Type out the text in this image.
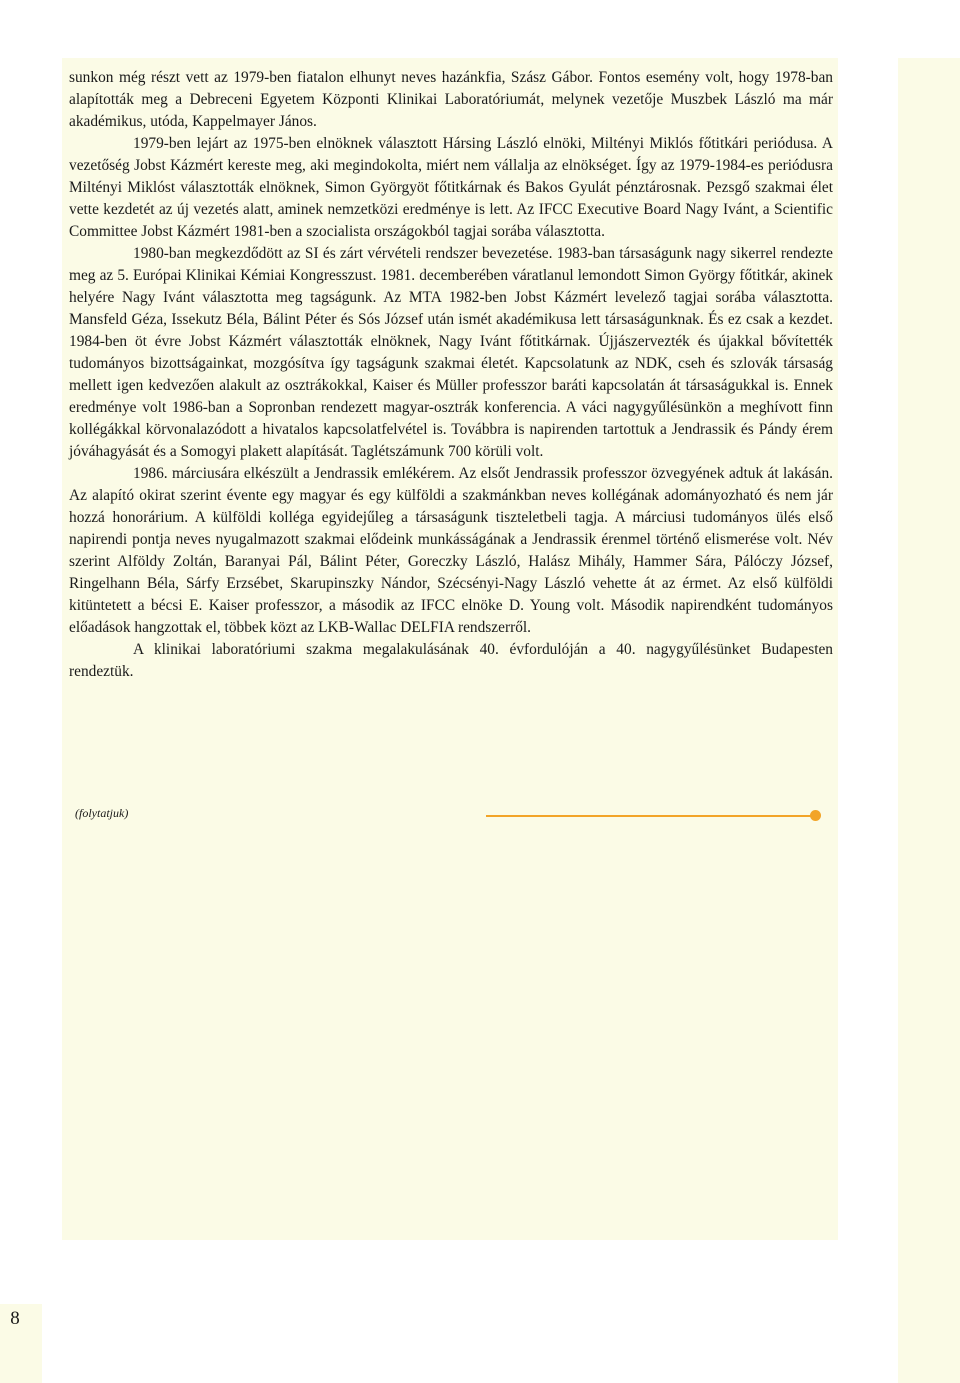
8

sunkon még részt vett az 1979-ben fiatalon elhunyt neves hazánkfia, Szász Gábor. Fontos esemény volt, hogy 1978-ban alapították meg a Debreceni Egyetem Központi Klinikai Laboratóriumát, melynek vezetője Muszbek László ma már akadémikus, utóda, Kappelmayer János.

1979-ben lejárt az 1975-ben elnöknek választott Hársing László elnöki, Miltényi Miklós főtitkári periódusa. A vezetőség Jobst Kázmért kereste meg, aki megindokolta, miért nem vállalja az elnökséget. Így az 1979-1984-es periódusra Miltényi Miklóst választották elnöknek, Simon Györgyöt főtitkárnak és Bakos Gyulát pénztárosnak. Pezsgő szakmai élet vette kezdetét az új vezetés alatt, aminek nemzetközi eredménye is lett. Az IFCC Executive Board Nagy Ivánt, a Scientific Committee Jobst Kázmért 1981-ben a szocialista országokból tagjai sorába választotta.

1980-ban megkezdődött az SI és zárt vérvételi rendszer bevezetése. 1983-ban társaságunk nagy sikerrel rendezte meg az 5. Európai Klinikai Kémiai Kongresszust. 1981. decemberében váratlanul lemondott Simon György főtitkár, akinek helyére Nagy Ivánt választotta meg tagságunk. Az MTA 1982-ben Jobst Kázmért levelező tagjai sorába választotta. Mansfeld Géza, Issekutz Béla, Bálint Péter és Sós József után ismét akadémikusa lett társaságunknak. És ez csak a kezdet. 1984-ben öt évre Jobst Kázmért választották elnöknek, Nagy Ivánt főtitkárnak. Újjászervezték és újakkal bővítették tudományos bizottságainkat, mozgósítva így tagságunk szakmai életét. Kapcsolatunk az NDK, cseh és szlovák társaság mellett igen kedvezően alakult az osztrákokkal, Kaiser és Müller professzor baráti kapcsolatán át társaságukkal is. Ennek eredménye volt 1986-ban a Sopronban rendezett magyar-osztrák konferencia. A váci nagygyűlésünkön a meghívott finn kollégákkal körvonalazódott a hivatalos kapcsolatfelvétel is. Továbbra is napirenden tartottuk a Jendrassik és Pándy érem jóváhagyását és a Somogyi plakett alapítását. Taglétszámunk 700 körüli volt.

1986. márciusára elkészült a Jendrassik emlékérem. Az elsőt Jendrassik professzor özvegyének adtuk át lakásán. Az alapító okirat szerint évente egy magyar és egy külföldi a szakmánkban neves kollégának adományozható és nem jár hozzá honorárium. A külföldi kolléga egyidejűleg a társaságunk tiszteletbeli tagja. A márciusi tudományos ülés első napirendi pontja neves nyugalmazott szakmai elődeink munkásságának a Jendrassik érenmel történő elismerése volt. Név szerint Alföldy Zoltán, Baranyai Pál, Bálint Péter, Goreczky László, Halász Mihály, Hammer Sára, Pálóczy József, Ringelhann Béla, Sárfy Erzsébet, Skarupinszky Nándor, Szécsényi-Nagy László vehette át az érmet. Az első külföldi kitüntetett a bécsi E. Kaiser professzor, a második az IFCC elnöke D. Young volt. Második napirendként tudományos előadások hangzottak el, többek közt az LKB-Wallac DELFIA rendszerről.

A klinikai laboratóriumi szakma megalakulásának 40. évfordulóján a 40. nagygyűlésünket Budapesten rendeztük.

(folytatjuk)
